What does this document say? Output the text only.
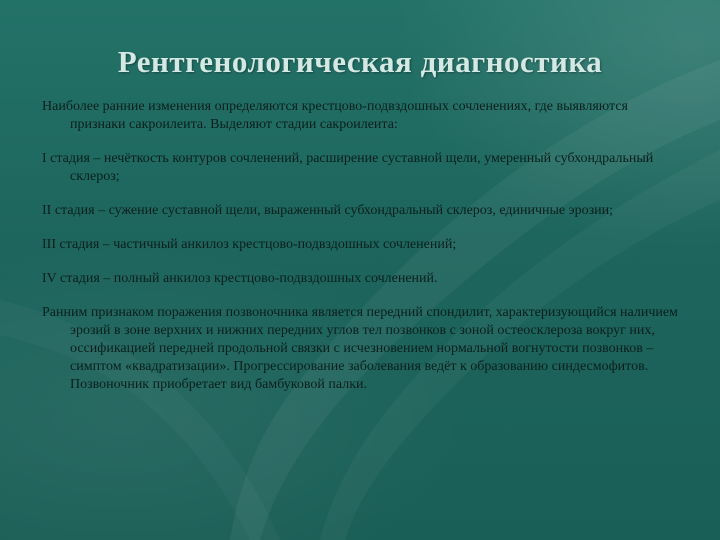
Рентгенологическая диагностика

Наиболее ранние изменения определяются крестцово-подвздошных сочленениях, где выявляются признаки сакроилеита. Выделяют стадии сакроилеита:

I стадия – нечёткость контуров сочленений, расширение суставной щели, умеренный субхондральный склероз;

II стадия – сужение суставной щели, выраженный субхондральный склероз, единичные эрозии;

III стадия – частичный анкилоз крестцово-подвздошных сочленений;

IV стадия – полный анкилоз крестцово-подвздошных сочленений.

Ранним признаком поражения позвоночника является передний спондилит, характеризующийся наличием эрозий в зоне верхних и нижних передних углов тел позвонков с зоной остеосклероза вокруг них, оссификацией передней продольной связки с исчезновением нормальной вогнутости позвонков – симптом «квадратизации». Прогрессирование заболевания ведёт к образованию синдесмофитов. Позвоночник приобретает вид бамбуковой палки.
